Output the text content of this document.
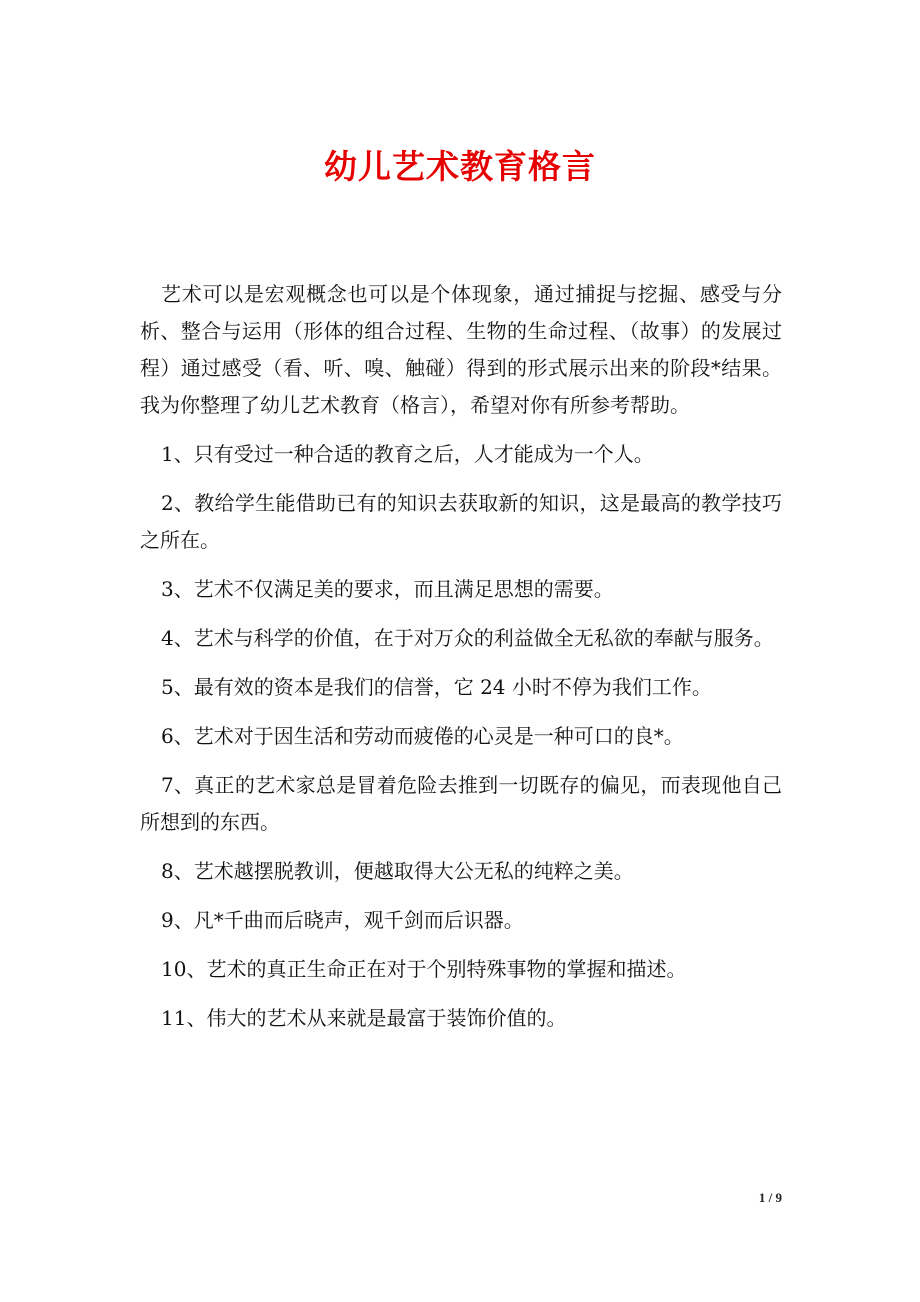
幼儿艺术教育格言

艺术可以是宏观概念也可以是个体现象，通过捕捉与挖掘、感受与分析、整合与运用（形体的组合过程、生物的生命过程、（故事）的发展过程）通过感受（看、听、嗅、触碰）得到的形式展示出来的阶段*结果。我为你整理了幼儿艺术教育（格言），希望对你有所参考帮助。

1、只有受过一种合适的教育之后，人才能成为一个人。

2、教给学生能借助已有的知识去获取新的知识，这是最高的教学技巧之所在。

3、艺术不仅满足美的要求，而且满足思想的需要。

4、艺术与科学的价值，在于对万众的利益做全无私欲的奉献与服务。

5、最有效的资本是我们的信誉，它 24 小时不停为我们工作。

6、艺术对于因生活和劳动而疲倦的心灵是一种可口的良*。

7、真正的艺术家总是冒着危险去推到一切既存的偏见，而表现他自己所想到的东西。

8、艺术越摆脱教训，便越取得大公无私的纯粹之美。

9、凡*千曲而后晓声，观千剑而后识器。

10、艺术的真正生命正在对于个别特殊事物的掌握和描述。

11、伟大的艺术从来就是最富于装饰价值的。

1 / 9
